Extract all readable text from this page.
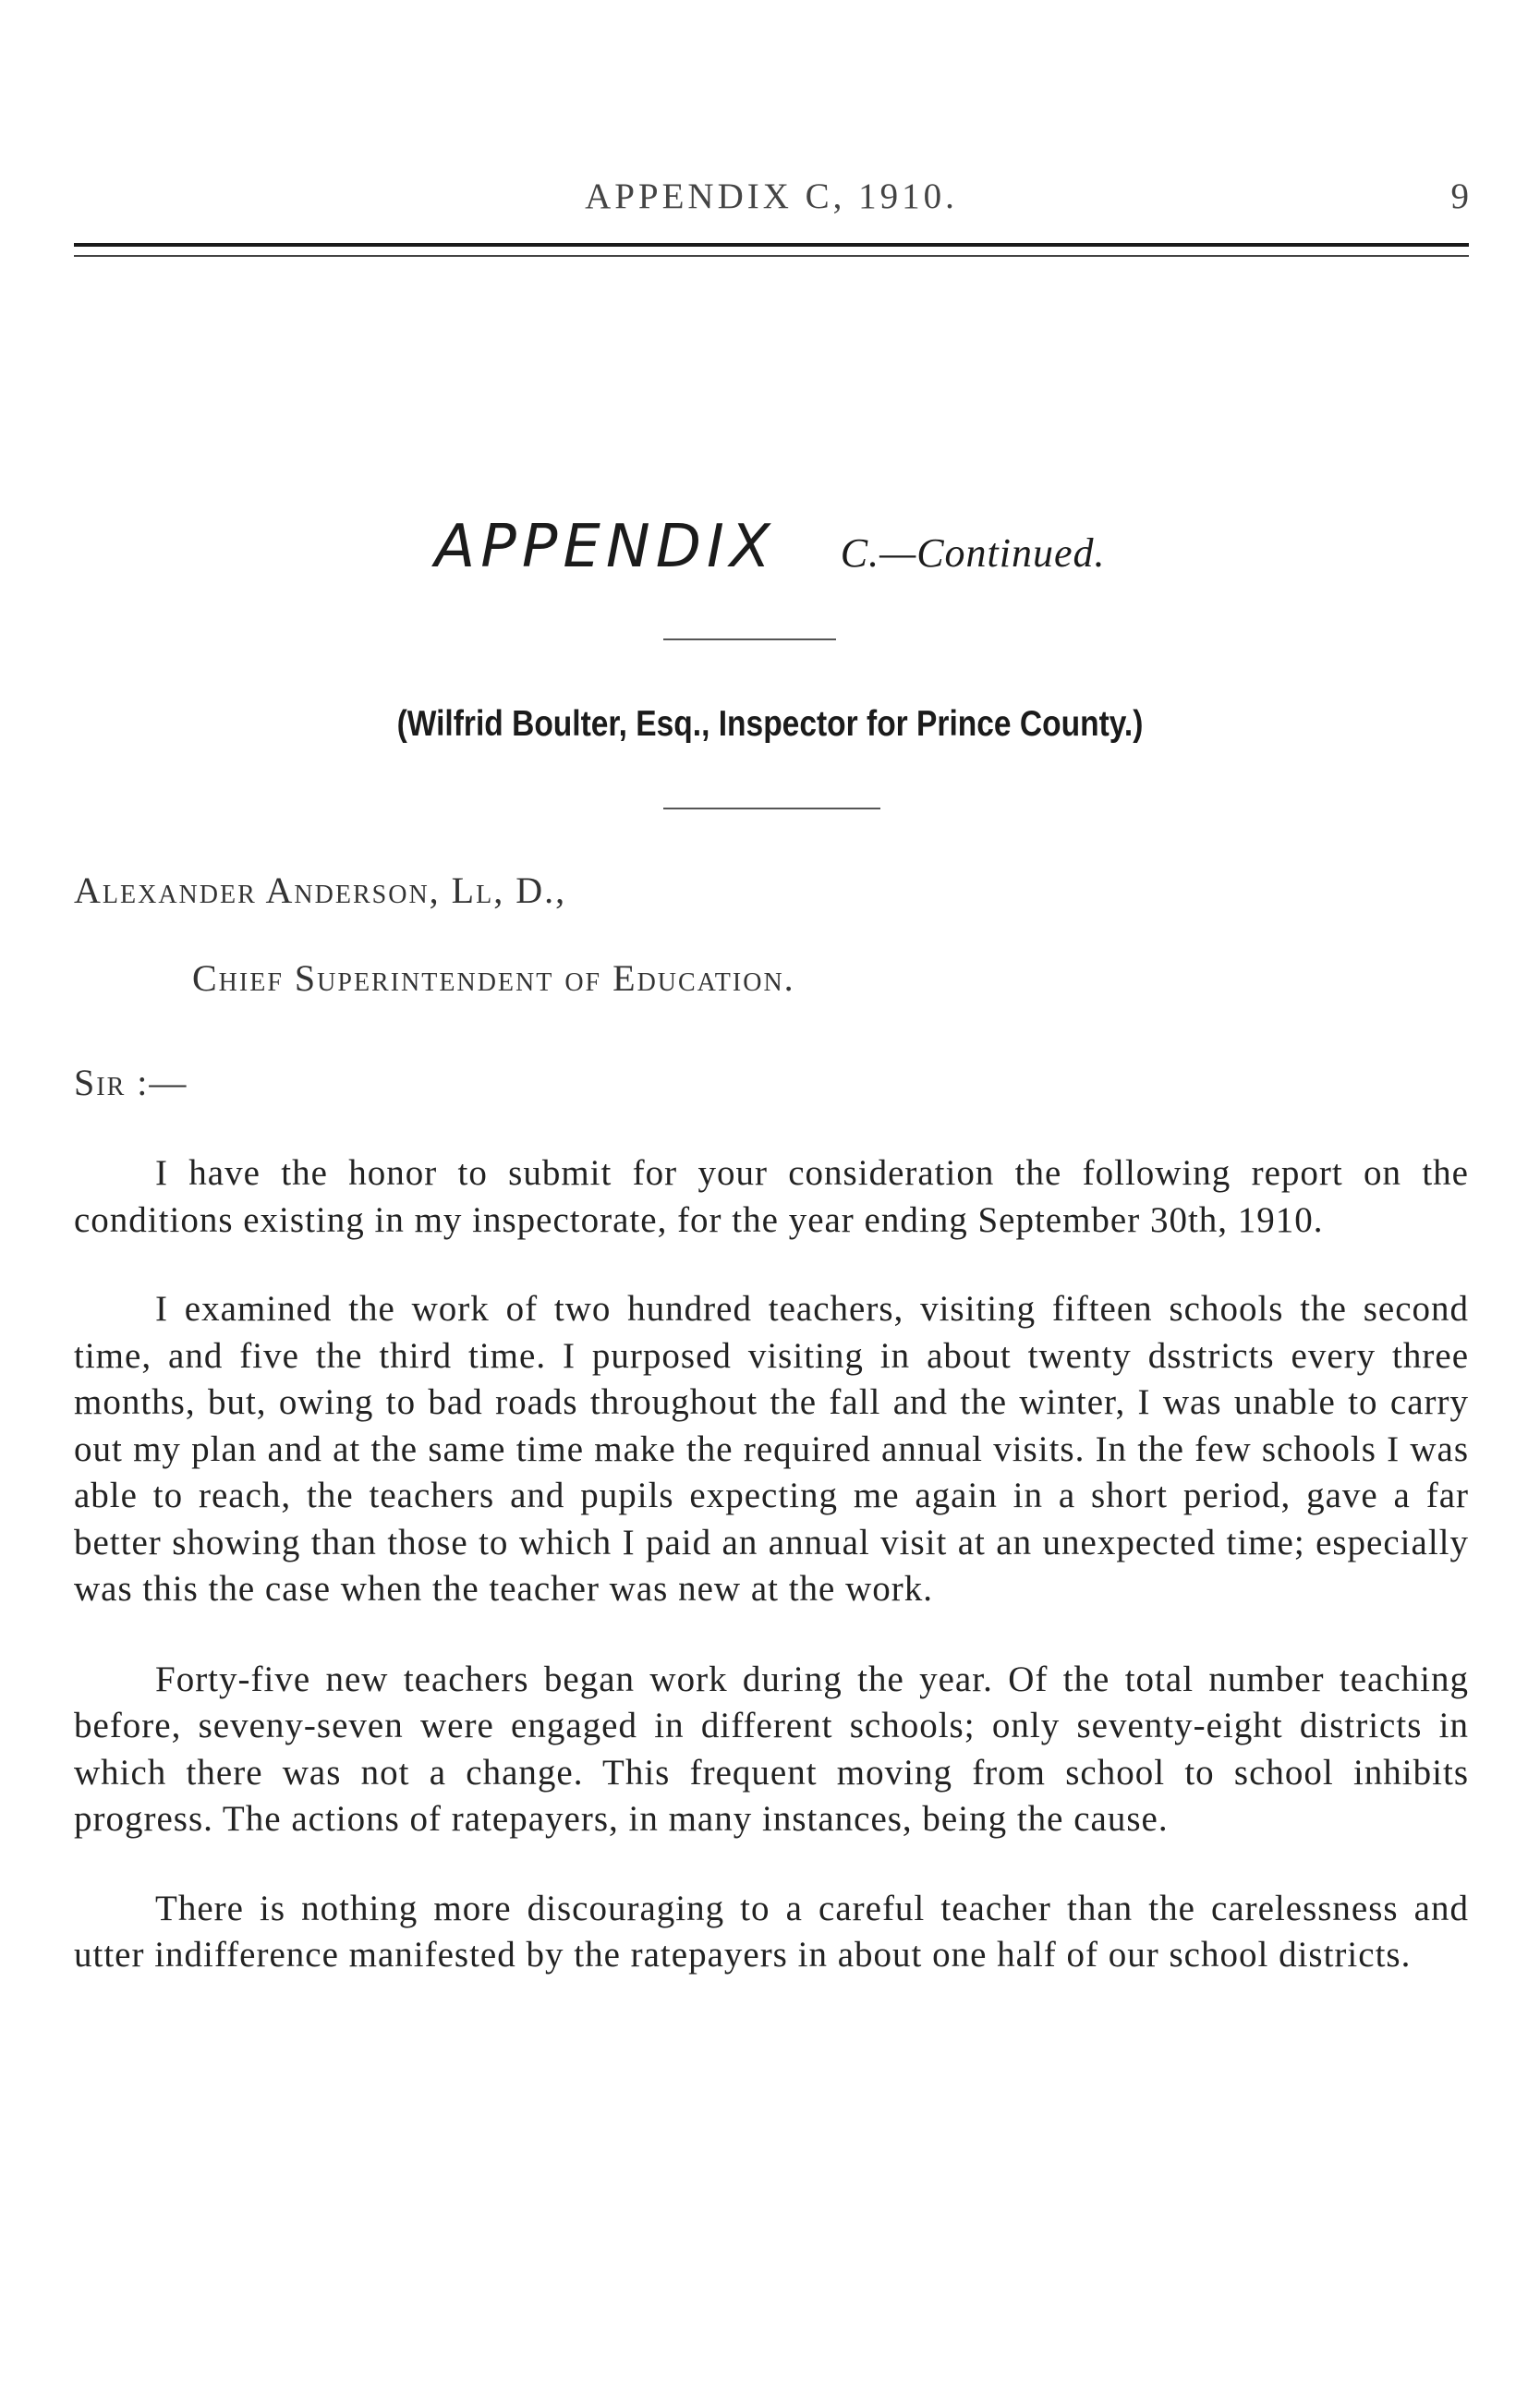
APPENDIX C, 1910.	9
APPENDIX C.—Continued.
(Wilfrid Boulter, Esq., Inspector for Prince County.)
Alexander Anderson, Ll, D.,
Chief Superintendent of Education.
Sir :—

I have the honor to submit for your consideration the following report on the conditions existing in my inspectorate, for the year ending September 30th, 1910.

I examined the work of two hundred teachers, visiting fifteen schools the second time, and five the third time. I purposed visiting in about twenty dsstricts every three months, but, owing to bad roads throughout the fall and the winter, I was unable to carry out my plan and at the same time make the required annual visits. In the few schools I was able to reach, the teachers and pupils expecting me again in a short period, gave a far better showing than those to which I paid an annual visit at an unexpected time; especially was this the case when the teacher was new at the work.

Forty-five new teachers began work during the year. Of the total number teaching before, seveny-seven were engaged in different schools; only seventy-eight districts in which there was not a change. This frequent moving from school to school inhibits progress. The actions of ratepayers, in many instances, being the cause.

There is nothing more discouraging to a careful teacher than the carelessness and utter indifference manifested by the ratepayers in about one half of our school districts.
